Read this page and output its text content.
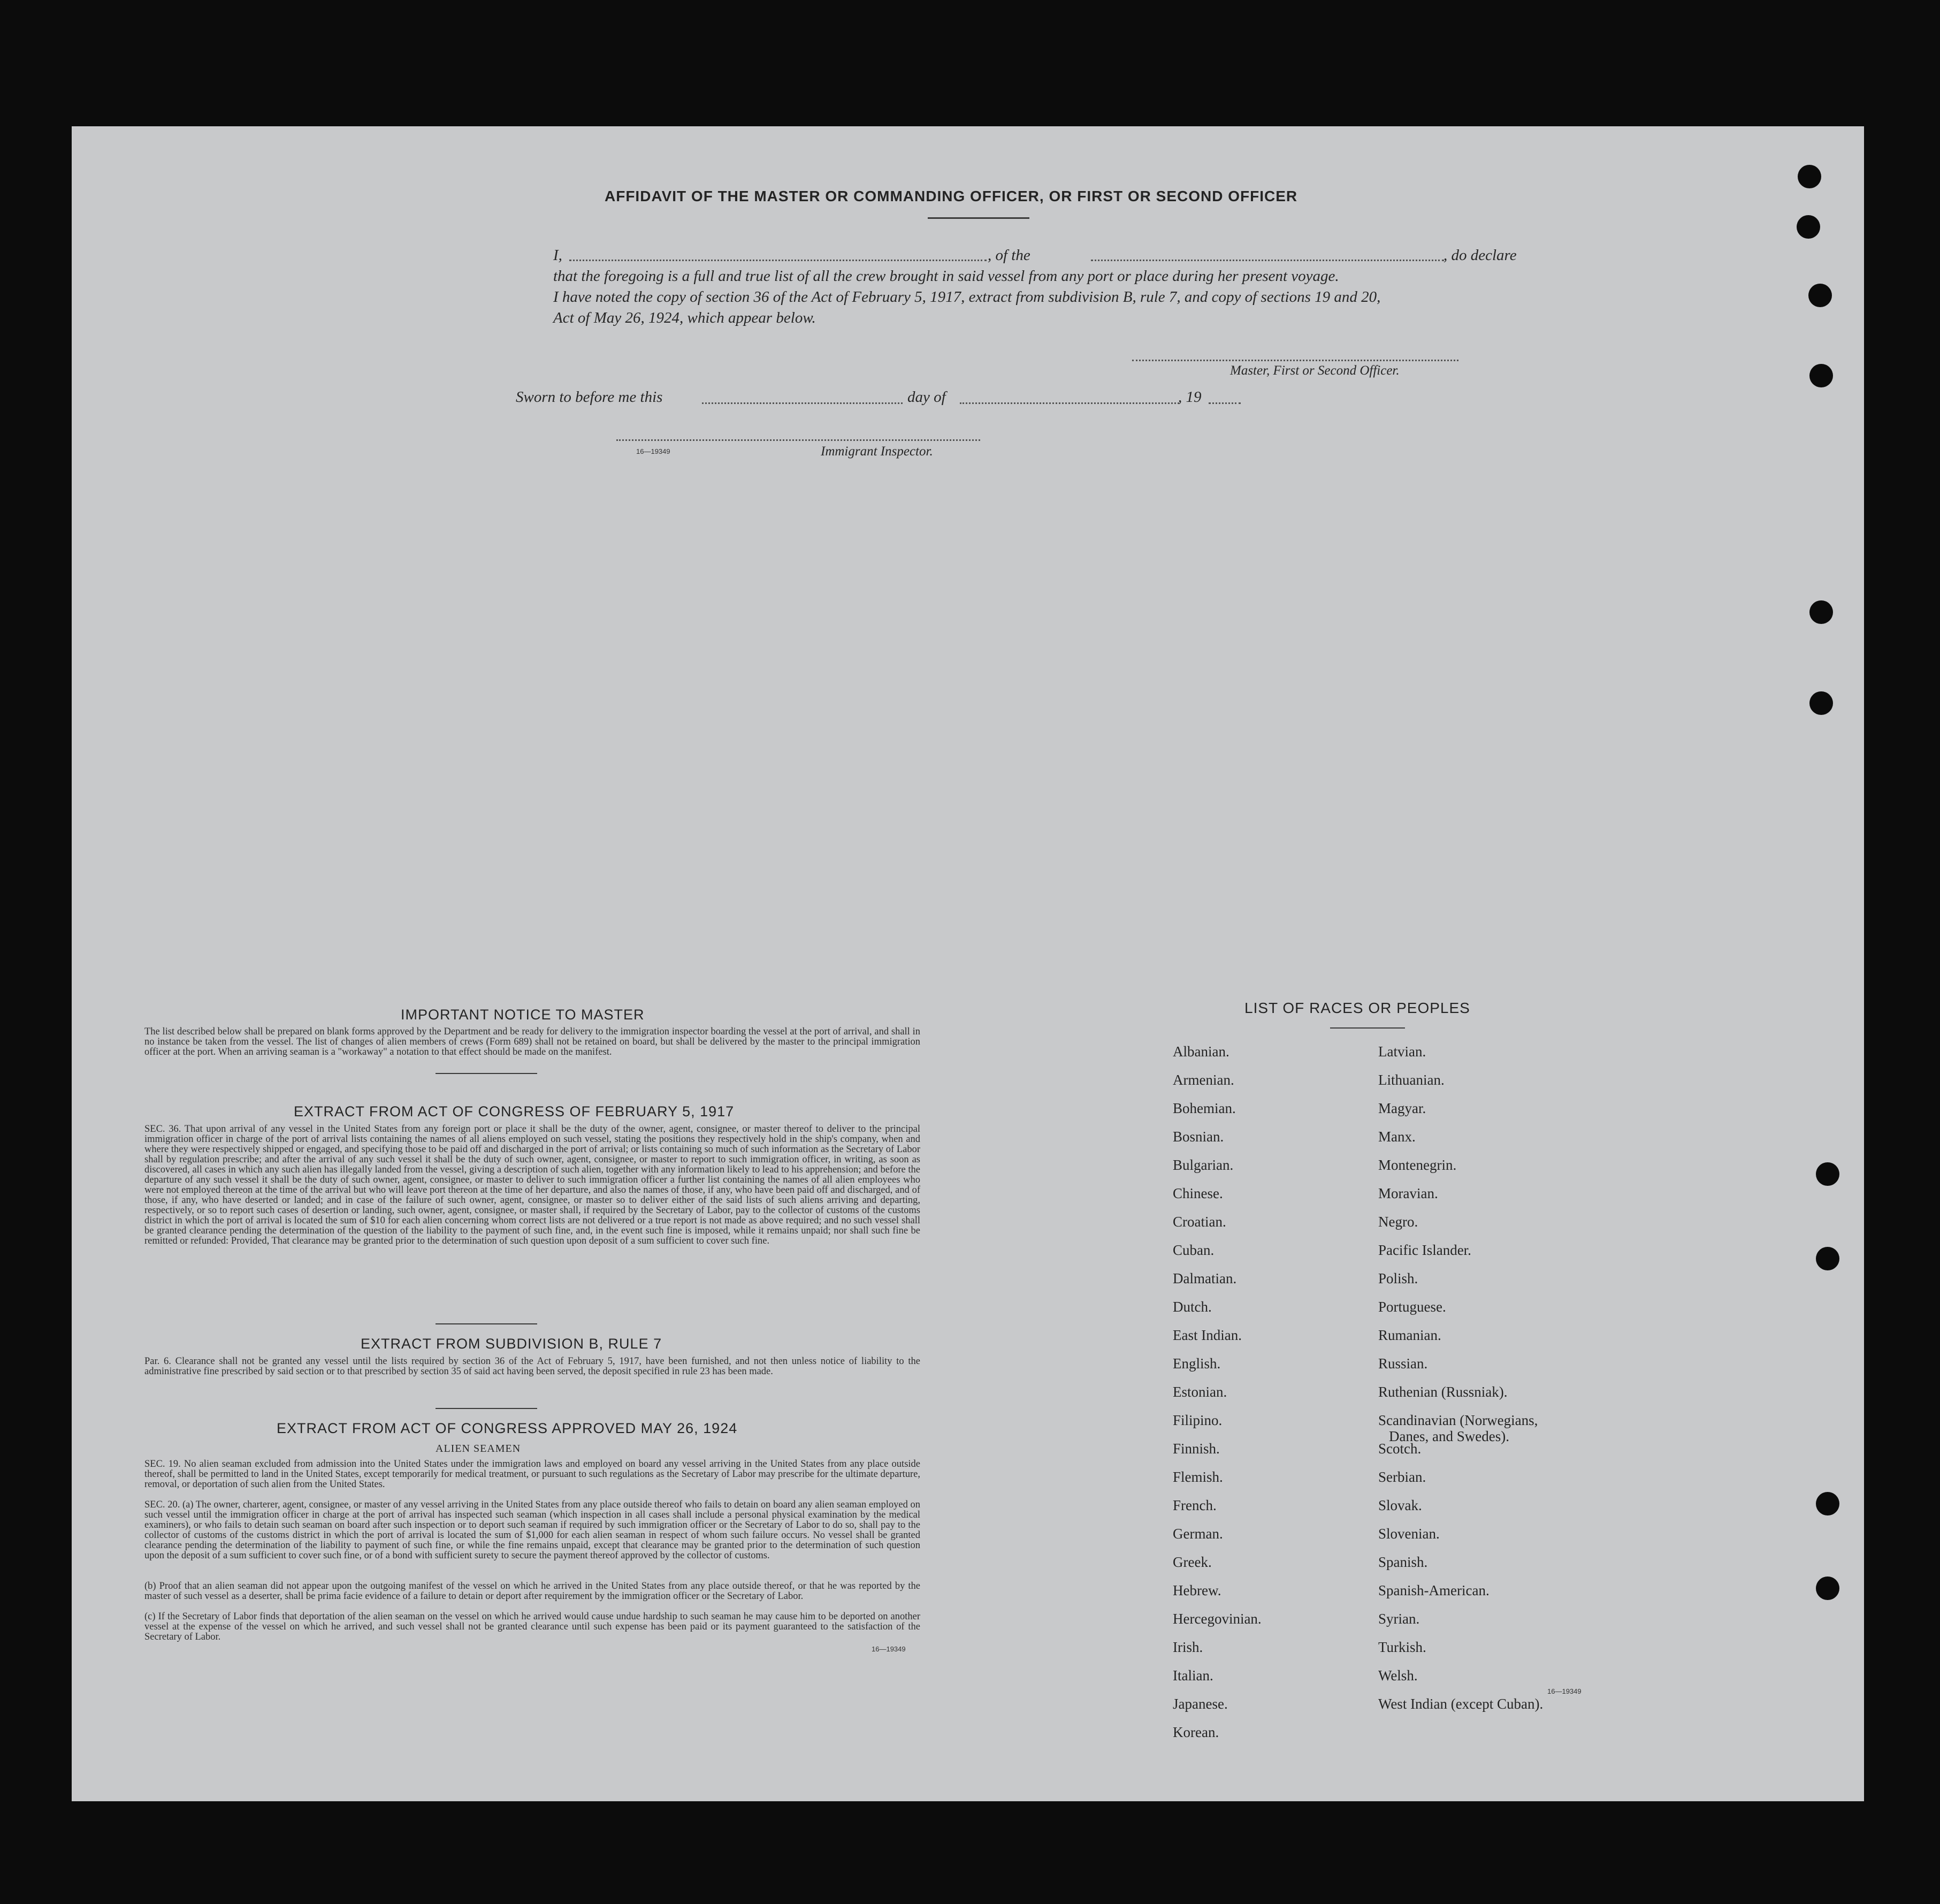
AFFIDAVIT OF THE MASTER OR COMMANDING OFFICER, OR FIRST OR SECOND OFFICER
I,	, of the	, do declare
that the foregoing is a full and true list of all the crew brought in said vessel from any port or place during her present voyage.
I have noted the copy of section 36 of the Act of February 5, 1917, extract from subdivision B, rule 7, and copy of sections 19 and 20,
Act of May 26, 1924, which appear below.
Master, First or Second Officer.
Sworn to before me this	day of	, 19
16—19349	Immigrant Inspector.
IMPORTANT NOTICE TO MASTER
The list described below shall be prepared on blank forms approved by the Department and be ready for delivery to the immigration inspector boarding the vessel at the port of arrival, and shall in no instance be taken from the vessel. The list of changes of alien members of crews (Form 689) shall not be retained on board, but shall be delivered by the master to the principal immigration officer at the port. When an arriving seaman is a "workaway" a notation to that effect should be made on the manifest.
EXTRACT FROM ACT OF CONGRESS OF FEBRUARY 5, 1917
SEC. 36. That upon arrival of any vessel in the United States from any foreign port or place it shall be the duty of the owner, agent, consignee, or master thereof to deliver to the principal immigration officer in charge of the port of arrival lists containing the names of all aliens employed on such vessel, stating the positions they respectively hold in the ship's company, when and where they were respectively shipped or engaged, and specifying those to be paid off and discharged in the port of arrival; or lists containing so much of such information as the Secretary of Labor shall by regulation prescribe; and after the arrival of any such vessel it shall be the duty of such owner, agent, consignee, or master to report to such immigration officer, in writing, as soon as discovered, all cases in which any such alien has illegally landed from the vessel, giving a description of such alien, together with any information likely to lead to his apprehension; and before the departure of any such vessel it shall be the duty of such owner, agent, consignee, or master to deliver to such immigration officer a further list containing the names of all alien employees who were not employed thereon at the time of the arrival but who will leave port thereon at the time of her departure, and also the names of those, if any, who have been paid off and discharged, and of those, if any, who have deserted or landed; and in case of the failure of such owner, agent, consignee, or master so to deliver either of the said lists of such aliens arriving and departing, respectively, or so to report such cases of desertion or landing, such owner, agent, consignee, or master shall, if required by the Secretary of Labor, pay to the collector of customs of the customs district in which the port of arrival is located the sum of $10 for each alien concerning whom correct lists are not delivered or a true report is not made as above required; and no such vessel shall be granted clearance pending the determination of the question of the liability to the payment of such fine, and, in the event such fine is imposed, while it remains unpaid; nor shall such fine be remitted or refunded: Provided, That clearance may be granted prior to the determination of such question upon deposit of a sum sufficient to cover such fine.
EXTRACT FROM SUBDIVISION B, RULE 7
Par. 6. Clearance shall not be granted any vessel until the lists required by section 36 of the Act of February 5, 1917, have been furnished, and not then unless notice of liability to the administrative fine prescribed by said section or to that prescribed by section 35 of said act having been served, the deposit specified in rule 23 has been made.
EXTRACT FROM ACT OF CONGRESS APPROVED MAY 26, 1924
ALIEN SEAMEN
SEC. 19. No alien seaman excluded from admission into the United States under the immigration laws and employed on board any vessel arriving in the United States from any place outside thereof, shall be permitted to land in the United States, except temporarily for medical treatment, or pursuant to such regulations as the Secretary of Labor may prescribe for the ultimate departure, removal, or deportation of such alien from the United States.
SEC. 20. (a) The owner, charterer, agent, consignee, or master of any vessel arriving in the United States from any place outside thereof who fails to detain on board any alien seaman employed on such vessel until the immigration officer in charge at the port of arrival has inspected such seaman (which inspection in all cases shall include a personal physical examination by the medical examiners), or who fails to detain such seaman on board after such inspection or to deport such seaman if required by such immigration officer or the Secretary of Labor to do so, shall pay to the collector of customs of the customs district in which the port of arrival is located the sum of $1,000 for each alien seaman in respect of whom such failure occurs. No vessel shall be granted clearance pending the determination of the liability to payment of such fine, or while the fine remains unpaid, except that clearance may be granted prior to the determination of such question upon the deposit of a sum sufficient to cover such fine, or of a bond with sufficient surety to secure the payment thereof approved by the collector of customs.
(b) Proof that an alien seaman did not appear upon the outgoing manifest of the vessel on which he arrived in the United States from any place outside thereof, or that he was reported by the master of such vessel as a deserter, shall be prima facie evidence of a failure to detain or deport after requirement by the immigration officer or the Secretary of Labor.
(c) If the Secretary of Labor finds that deportation of the alien seaman on the vessel on which he arrived would cause undue hardship to such seaman he may cause him to be deported on another vessel at the expense of the vessel on which he arrived, and such vessel shall not be granted clearance until such expense has been paid or its payment guaranteed to the satisfaction of the Secretary of Labor.
16—19349
LIST OF RACES OR PEOPLES
Albanian.
Armenian.
Bohemian.
Bosnian.
Bulgarian.
Chinese.
Croatian.
Cuban.
Dalmatian.
Dutch.
East Indian.
English.
Estonian.
Filipino.
Finnish.
Flemish.
French.
German.
Greek.
Hebrew.
Hercegovinian.
Irish.
Italian.
Japanese.
Korean.
Latvian.
Lithuanian.
Magyar.
Manx.
Montenegrin.
Moravian.
Negro.
Pacific Islander.
Polish.
Portuguese.
Rumanian.
Russian.
Ruthenian (Russniak).
Scandinavian (Norwegians,
Danes, and Swedes).
Scotch.
Serbian.
Slovak.
Slovenian.
Spanish.
Spanish-American.
Syrian.
Turkish.
Welsh.
West Indian (except Cuban).
16—19349
